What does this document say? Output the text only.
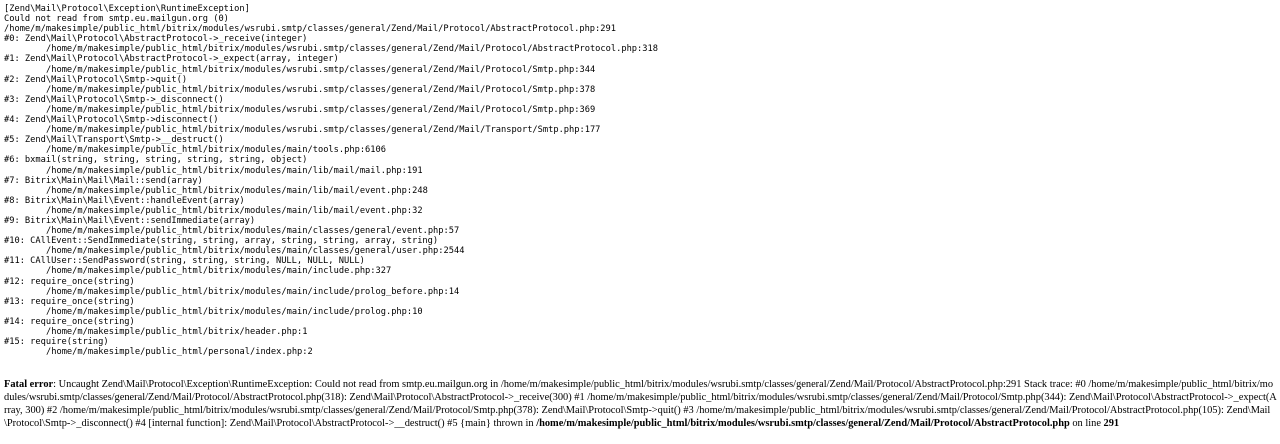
[Zend\Mail\Protocol\Exception\RuntimeException]
Could not read from smtp.eu.mailgun.org (0)
/home/m/makesimple/public_html/bitrix/modules/wsrubi.smtp/classes/general/Zend/Mail/Protocol/AbstractProtocol.php:291
#0: Zend\Mail\Protocol\AbstractProtocol->_receive(integer)
/home/m/makesimple/public_html/bitrix/modules/wsrubi.smtp/classes/general/Zend/Mail/Protocol/AbstractProtocol.php:318
#1: Zend\Mail\Protocol\AbstractProtocol->_expect(array, integer)
/home/m/makesimple/public_html/bitrix/modules/wsrubi.smtp/classes/general/Zend/Mail/Protocol/Smtp.php:344
#2: Zend\Mail\Protocol\Smtp->quit()
/home/m/makesimple/public_html/bitrix/modules/wsrubi.smtp/classes/general/Zend/Mail/Protocol/Smtp.php:378
#3: Zend\Mail\Protocol\Smtp->_disconnect()
/home/m/makesimple/public_html/bitrix/modules/wsrubi.smtp/classes/general/Zend/Mail/Protocol/Smtp.php:369
#4: Zend\Mail\Protocol\Smtp->disconnect()
/home/m/makesimple/public_html/bitrix/modules/wsrubi.smtp/classes/general/Zend/Mail/Transport/Smtp.php:177
#5: Zend\Mail\Transport\Smtp->__destruct()
/home/m/makesimple/public_html/bitrix/modules/main/tools.php:6106
#6: bxmail(string, string, string, string, string, object)
/home/m/makesimple/public_html/bitrix/modules/main/lib/mail/mail.php:191
#7: Bitrix\Main\Mail\Mail::send(array)
/home/m/makesimple/public_html/bitrix/modules/main/lib/mail/event.php:248
#8: Bitrix\Main\Mail\Event::handleEvent(array)
/home/m/makesimple/public_html/bitrix/modules/main/lib/mail/event.php:32
#9: Bitrix\Main\Mail\Event::sendImmediate(array)
/home/m/makesimple/public_html/bitrix/modules/main/classes/general/event.php:57
#10: CAllEvent::SendImmediate(string, string, array, string, string, array, string)
/home/m/makesimple/public_html/bitrix/modules/main/classes/general/user.php:2544
#11: CAllUser::SendPassword(string, string, string, NULL, NULL, NULL)
/home/m/makesimple/public_html/bitrix/modules/main/include.php:327
#12: require_once(string)
/home/m/makesimple/public_html/bitrix/modules/main/include/prolog_before.php:14
#13: require_once(string)
/home/m/makesimple/public_html/bitrix/modules/main/include/prolog.php:10
#14: require_once(string)
/home/m/makesimple/public_html/bitrix/header.php:1
#15: require(string)
/home/m/makesimple/public_html/personal/index.php:2
Fatal error: Uncaught Zend\Mail\Protocol\Exception\RuntimeException: Could not read from smtp.eu.mailgun.org in /home/m/makesimple/public_html/bitrix/modules/wsrubi.smtp/classes/general/Zend/Mail/Protocol/AbstractProtocol.php:291 Stack trace: #0 /home/m/makesimple/public_html/bitrix/modules/wsrubi.smtp/classes/general/Zend/Mail/Protocol/AbstractProtocol.php(318): Zend\Mail\Protocol\AbstractProtocol->_receive(300) #1 /home/m/makesimple/public_html/bitrix/modules/wsrubi.smtp/classes/general/Zend/Mail/Protocol/Smtp.php(344): Zend\Mail\Protocol\AbstractProtocol->_expect(Array, 300) #2 /home/m/makesimple/public_html/bitrix/modules/wsrubi.smtp/classes/general/Zend/Mail/Protocol/Smtp.php(378): Zend\Mail\Protocol\Smtp->quit() #3 /home/m/makesimple/public_html/bitrix/modules/wsrubi.smtp/classes/general/Zend/Mail/Protocol/AbstractProtocol.php(105): Zend\Mail\Protocol\Smtp->_disconnect() #4 [internal function]: Zend\Mail\Protocol\AbstractProtocol->__destruct() #5 {main} thrown in /home/m/makesimple/public_html/bitrix/modules/wsrubi.smtp/classes/general/Zend/Mail/Protocol/AbstractProtocol.php on line 291
